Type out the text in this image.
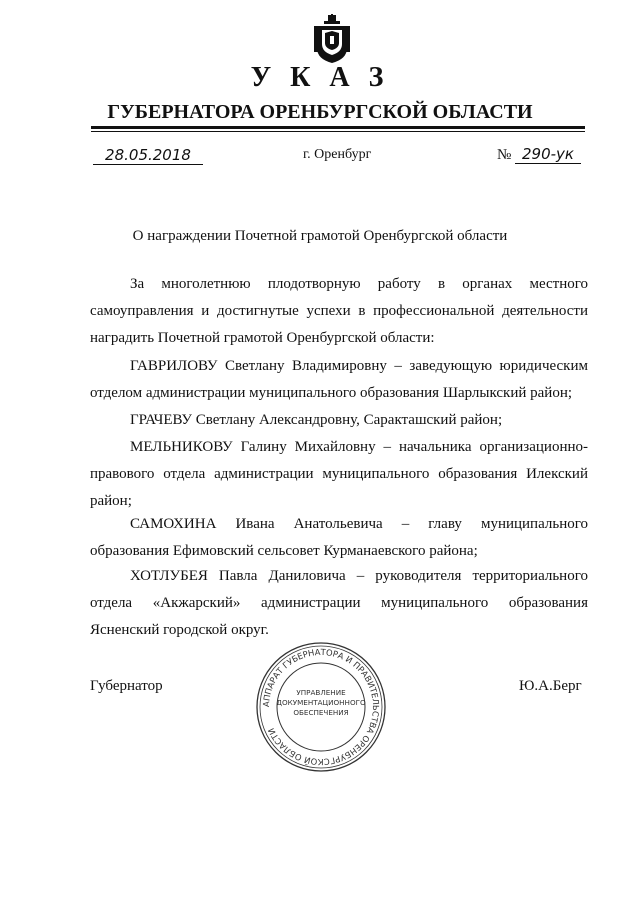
У К А З
ГУБЕРНАТОРА ОРЕНБУРГСКОЙ ОБЛАСТИ
28.05.2018	г. Оренбург	№ 290-ук
О награждении Почетной грамотой Оренбургской области
За многолетнюю плодотворную работу в органах местного самоуправления и достигнутые успехи в профессиональной деятельности наградить Почетной грамотой Оренбургской области:
ГАВРИЛОВУ Светлану Владимировну – заведующую юридическим отделом администрации муниципального образования Шарлыкский район;
ГРАЧЕВУ Светлану Александровну, Саракташский район;
МЕЛЬНИКОВУ Галину Михайловну – начальника организационно-правового отдела администрации муниципального образования Илекский район;
САМОХИНА Ивана Анатольевича – главу муниципального образования Ефимовский сельсовет Курманаевского района;
ХОТЛУБЕЯ Павла Даниловича – руководителя территориального отдела «Акжарский» администрации муниципального образования Ясненский городской округ.
Губернатор	Ю.А.Берг
АППАРАТ ГУБЕРНАТОРА И ПРАВИТЕЛЬСТВА ОРЕНБУРГСКОЙ ОБЛАСТИ
УПРАВЛЕНИЕ
ДОКУМЕНТАЦИОННОГО
ОБЕСПЕЧЕНИЯ
